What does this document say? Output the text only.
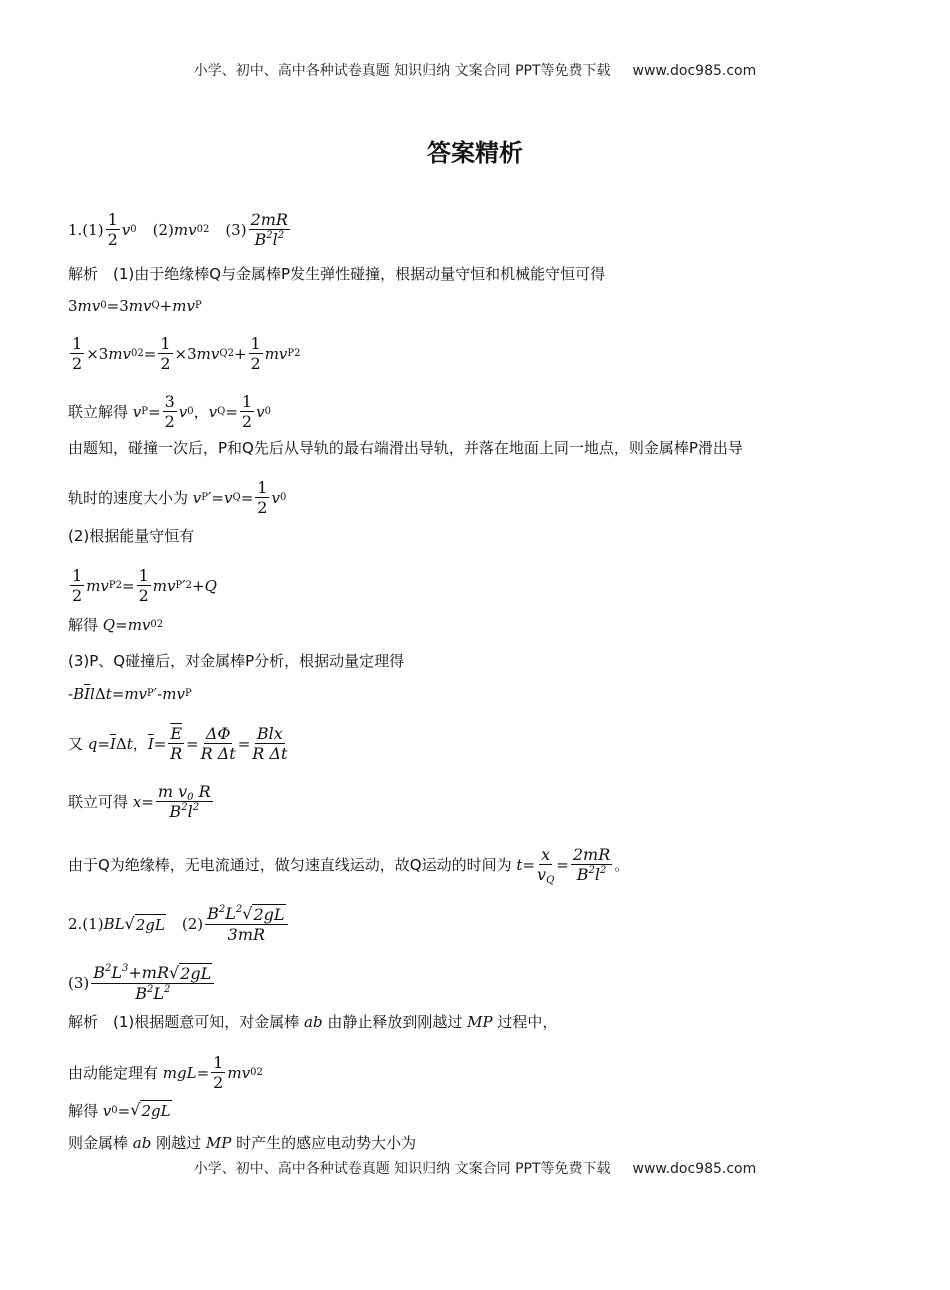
小学、初中、高中各种试卷真题 知识归纳 文案合同 PPT等免费下载 www.doc985.com
答案精析
$1.(1) \frac{1}{2}$ v 0 (2) mv 0 2 $(3) \frac{2mR}{B^2l^2}$
解析　(1)由于绝缘棒Q与金属棒P发生弹性碰撞，根据动量守恒和机械能守恒可得
3 mv 0 =3 mv Q + mv P
$\frac{1}{2} \times 3$ mv 0 $2 = \frac{1}{2} \times 3$ mv Q $2 + \frac{1}{2}$ mv P 2
联立解得
v $P = \frac{3}{2}$ v 0 ， v $Q = \frac{1}{2}$ v 0
由题知，碰撞一次后，P和Q先后从导轨的最右端滑出导轨，并落在地面上同一地点，则金属棒P滑出导
轨时的速度大小为
v P ′= v $Q = \frac{1}{2}$ v 0
(2)根据能量守恒有
$\frac{1}{2}$ mv P $2 = \frac{1}{2}$ mv P ′ 2 + Q
解得
Q = mv 0 2
(3)P、Q碰撞后，对金属棒P分析，根据动量定理得
- B $\overline{I}$ l Δ t = mv P ′- mv P
又
$q = \overline{I}$ Δ t ， $\overline{I} = \frac{\overline{E}}{R} = \frac{\Delta\Phi}{\text{R Δt}} = \frac{\text{Blx}}{\text{R Δt}}$
联立可得
$x = \frac{m v_0 R}{B^2l^2}$
由于Q为绝缘棒，无电流通过，做匀速直线运动，故Q运动的时间为
$t = \frac{x}{v_Q} = \frac{2mR}{B^2l^2}$ 。
2.(1) BL √ 2gL $(2) \frac{B^2L^2 √ 2gL}{3mR}$
$(3) \frac{B^2L^3+mR √ 2gL}{B^2L^2}$
解析　(1)根据题意可知，对金属棒
ab
由静止释放到刚越过
MP
过程中，
由动能定理有
mgL = $\frac{1}{2}$ mv 0 2
解得
v 0 = √ 2gL
则金属棒
ab
刚越过
MP
时产生的感应电动势大小为
小学、初中、高中各种试卷真题 知识归纳 文案合同 PPT等免费下载 www.doc985.com
